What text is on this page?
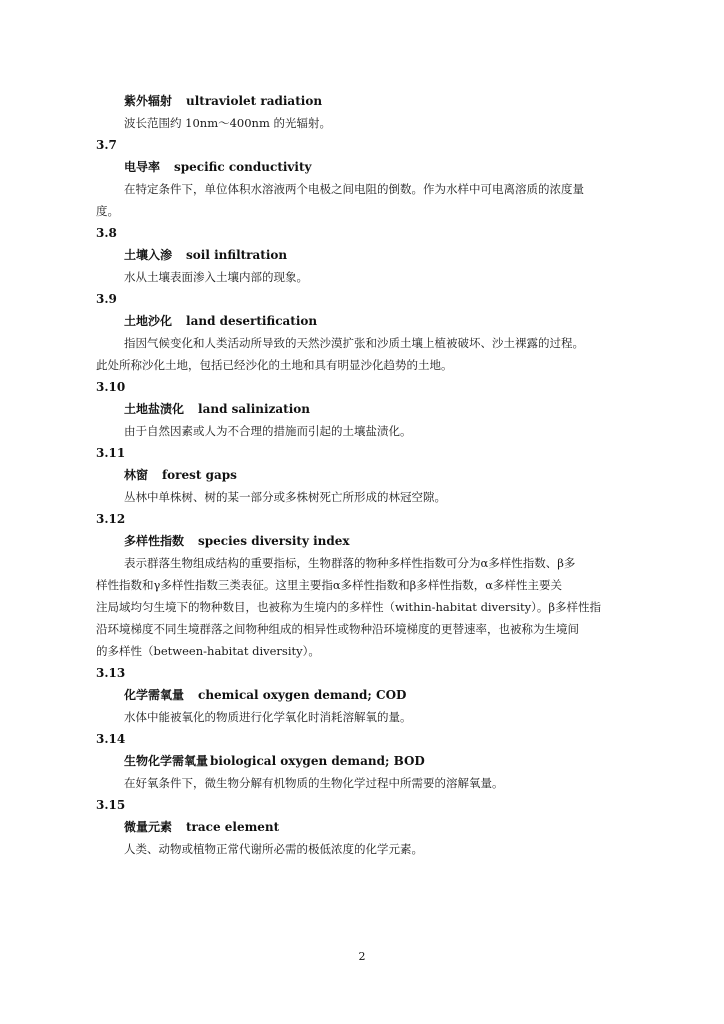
紫外辐射 ultraviolet radiation
波长范围约 10nm～400nm 的光辐射。
3.7
电导率 specific conductivity
在特定条件下，单位体积水溶液两个电极之间电阻的倒数。作为水样中可电离溶质的浓度量
度。
3.8
土壤入渗 soil infiltration
水从土壤表面渗入土壤内部的现象。
3.9
土地沙化 land desertification
指因气候变化和人类活动所导致的天然沙漠扩张和沙质土壤上植被破坏、沙土裸露的过程。
此处所称沙化土地，包括已经沙化的土地和具有明显沙化趋势的土地。
3.10
土地盐渍化 land salinization
由于自然因素或人为不合理的措施而引起的土壤盐渍化。
3.11
林窗 forest gaps
丛林中单株树、树的某一部分或多株树死亡所形成的林冠空隙。
3.12
多样性指数 species diversity index
表示群落生物组成结构的重要指标，生物群落的物种多样性指数可分为α多样性指数、β多
样性指数和γ多样性指数三类表征。这里主要指α多样性指数和β多样性指数，α多样性主要关
注局域均匀生境下的物种数目，也被称为生境内的多样性（within-habitat diversity）。β多样性指
沿环境梯度不同生境群落之间物种组成的相异性或物种沿环境梯度的更替速率，也被称为生境间
的多样性（between-habitat diversity）。
3.13
化学需氧量 chemical oxygen demand; COD
水体中能被氧化的物质进行化学氧化时消耗溶解氧的量。
3.14
生物化学需氧量 biological oxygen demand; BOD
在好氧条件下，微生物分解有机物质的生物化学过程中所需要的溶解氧量。
3.15
微量元素 trace element
人类、动物或植物正常代谢所必需的极低浓度的化学元素。
2
